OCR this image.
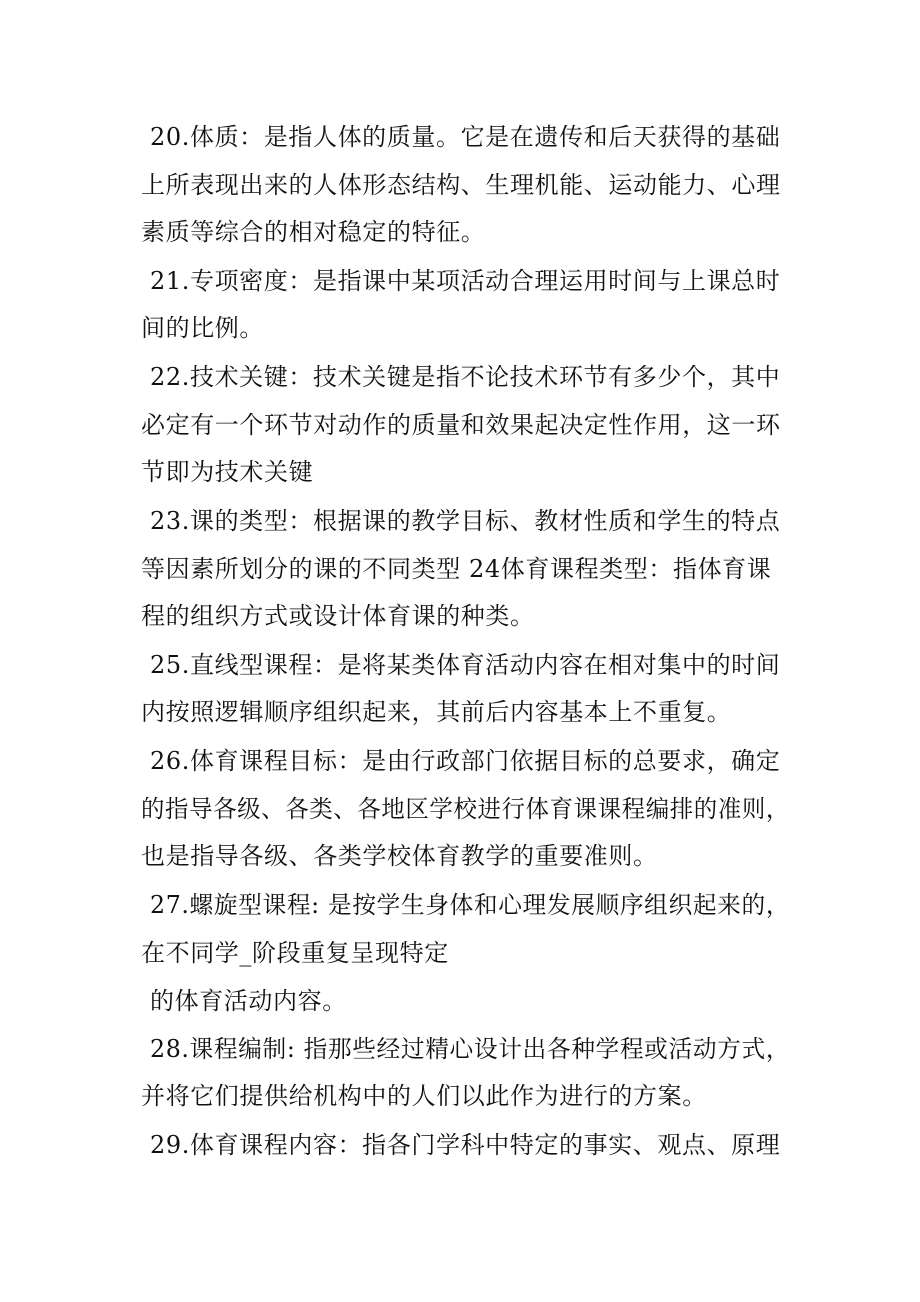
20.体质：是指人体的质量。它是在遗传和后天获得的基础
上所表现出来的人体形态结构、生理机能、运动能力、心理
素质等综合的相对稳定的特征。
21.专项密度：是指课中某项活动合理运用时间与上课总时
间的比例。
22.技术关键：技术关键是指不论技术环节有多少个，其中
必定有一个环节对动作的质量和效果起决定性作用，这一环
节即为技术关键
23.课的类型：根据课的教学目标、教材性质和学生的特点
等因素所划分的课的不同类型 24体育课程类型：指体育课
程的组织方式或设计体育课的种类。
25.直线型课程：是将某类体育活动内容在相对集中的时间
内按照逻辑顺序组织起来，其前后内容基本上不重复。
26.体育课程目标：是由行政部门依据目标的总要求，确定
的指导各级、各类、各地区学校进行体育课课程编排的准则，
也是指导各级、各类学校体育教学的重要准则。
27.螺旋型课程: 是按学生身体和心理发展顺序组织起来的，
在不同学_阶段重复呈现特定
的体育活动内容。
28.课程编制: 指那些经过精心设计出各种学程或活动方式，
并将它们提供给机构中的人们以此作为进行的方案。
29.体育课程内容：指各门学科中特定的事实、观点、原理
